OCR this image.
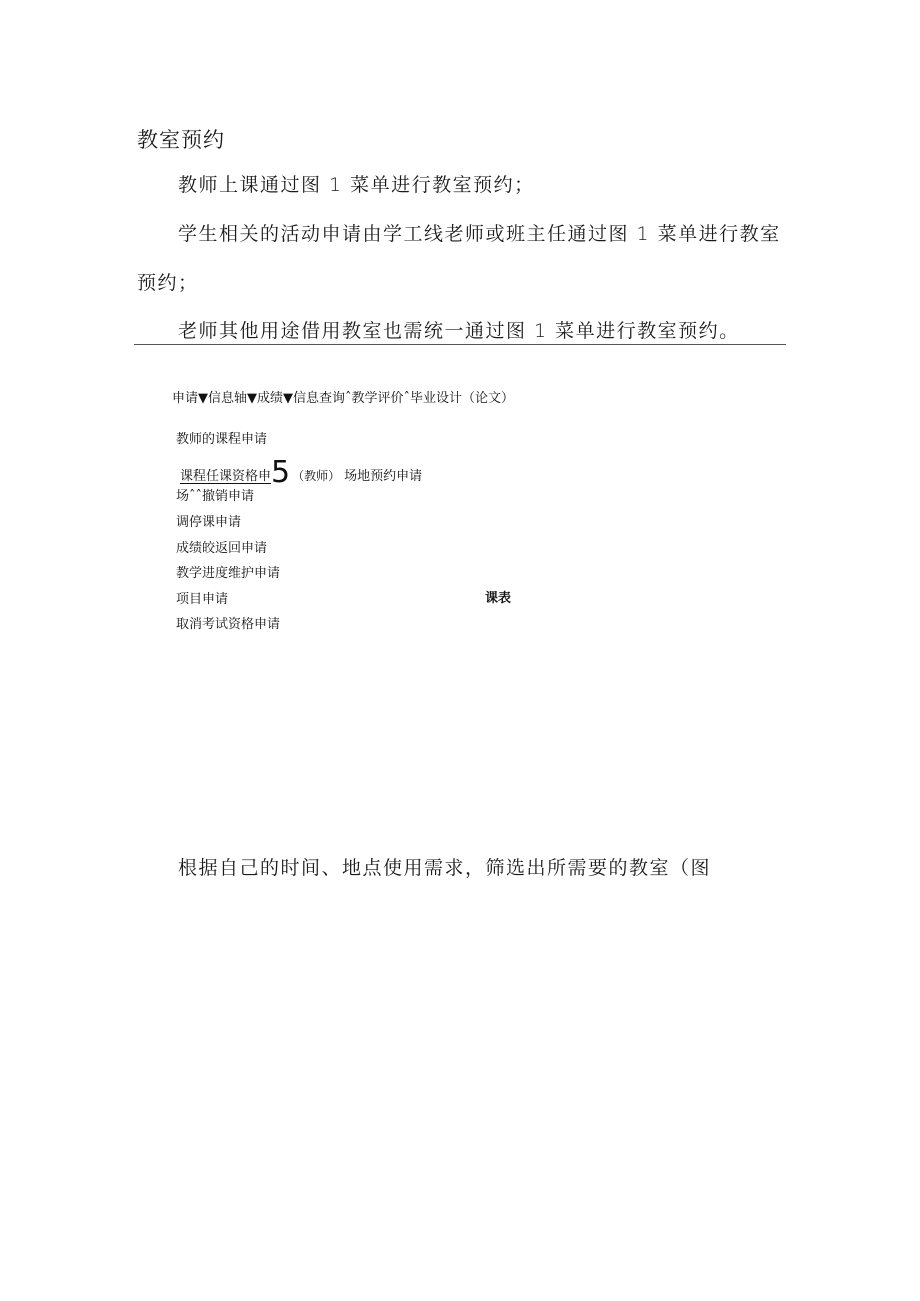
教室预约
教师上课通过图 1 菜单进行教室预约；
学生相关的活动申请由学工线老师或班主任通过图 1 菜单进行教室
预约；
老师其他用途借用教室也需统一通过图 1 菜单进行教室预约。
申请▼信息轴▼成绩▼信息查询ˆ教学评价ˆ毕业设计（论文）
教师的课程申请
课程任课资格申 5 （教师） 场地预约申请
场ˆˆ撤销申请
调停课申请
成绩皎返回申请
教学进度维护申请
项目申请	课表
取消考试资格申请
根据自己的时间、地点使用需求，筛选出所需要的教室（图
